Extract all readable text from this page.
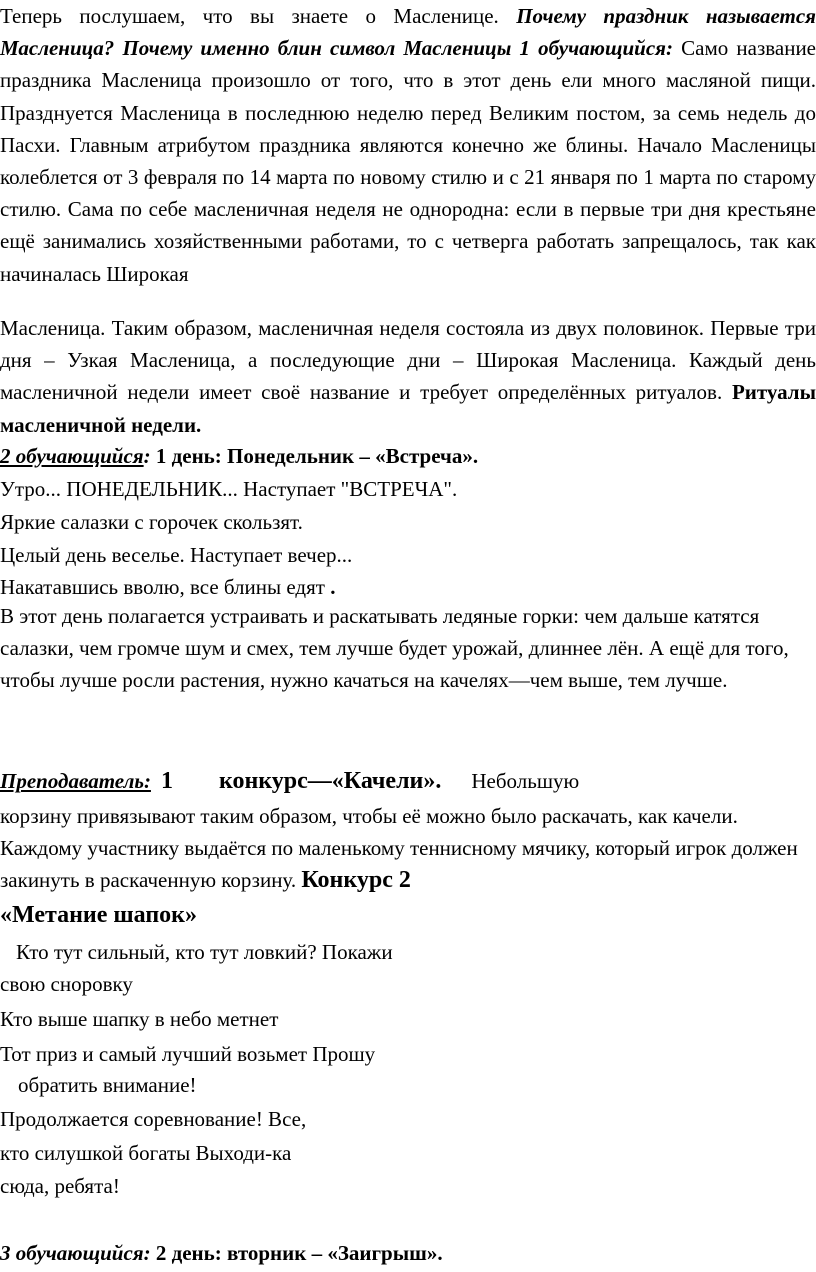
Теперь послушаем, что вы знаете о Масленице. Почему праздник называется Масленица? Почему именно блин символ Масленицы 1 обучающийся: Само название праздника Масленица произошло от того, что в этот день ели много масляной пищи. Празднуется Масленица в последнюю неделю перед Великим постом, за семь недель до Пасхи. Главным атрибутом праздника являются конечно же блины. Начало Масленицы колеблется от 3 февраля по 14 марта по новому стилю и с 21 января по 1 марта по старому стилю. Сама по себе масленичная неделя не однородна: если в первые три дня крестьяне ещё занимались хозяйственными работами, то с четверга работать запрещалось, так как начиналась Широкая

Масленица. Таким образом, масленичная неделя состояла из двух половинок. Первые три дня – Узкая Масленица, а последующие дни – Широкая Масленица. Каждый день масленичной недели имеет своё название и требует определённых ритуалов. Ритуалы масленичной недели.

2 обучающийся: 1 день: Понедельник – «Встреча».

Утро... ПОНЕДЕЛЬНИК... Наступает "ВСТРЕЧА".

Яркие салазки с горочек скользят.

Целый день веселье. Наступает вечер...

Накатавшись вволю, все блины едят .

В этот день полагается устраивать и раскатывать ледяные горки: чем дальше катятся салазки, чем громче шум и смех, тем лучше будет урожай, длиннее лён. А ещё для того, чтобы лучше росли растения, нужно качаться на качелях—чем выше, тем лучше.

Преподаватель: 1 конкурс—«Качели». Небольшую

корзину привязывают таким образом, чтобы её можно было раскачать, как качели. Каждому участнику выдаётся по маленькому теннисному мячику, который игрок должен закинуть в раскаченную корзину. Конкурс 2

«Метание шапок»

Кто тут сильный, кто тут ловкий? Покажи

свою сноровку

Кто выше шапку в небо метнет

Тот приз и самый лучший возьмет Прошу

обратить внимание!

Продолжается соревнование! Все,

кто силушкой богаты Выходи-ка

сюда, ребята!

3 обучающийся: 2 день: вторник – «Заигрыш».
